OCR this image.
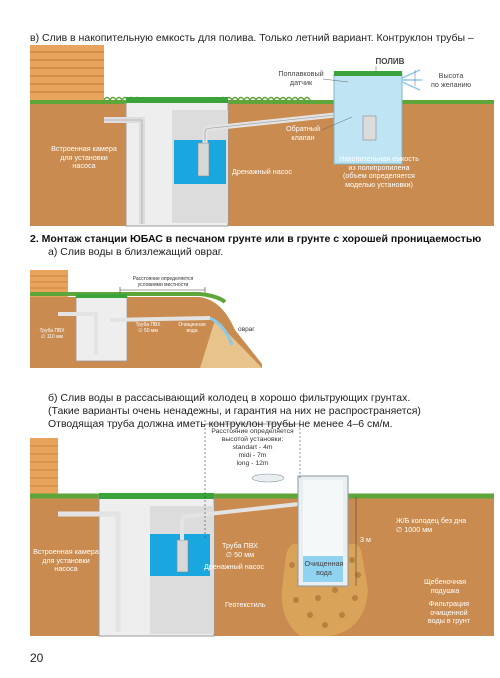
в) Слив в накопительную емкость для полива. Только летний вариант. Контруклон трубы –
ПОЛИВ
Поплавковый
датчик
Высота
по желанию
Обратный
клапан
Встроенная камера
для установки
насоса
Дренажный насос
Накопительная емкость
из полипропилена
(объем определяется
моделью установки)
2. Монтаж станции ЮБАС в песчаном грунте или в грунте с хорошей проницаемостью
а) Слив воды в близлежащий овраг.
Расстояние определяется
условиями местности
Труба ПВХ
∅ 110 мм
Труба ПВХ
∅ 50 мм
Очищенная
вода	овраг
б) Слив воды в рассасывающий колодец в хорошо фильтрующих грунтах.
(Такие варианты очень ненадежны, и гарантия на них не распространяется)
Отводящая труба должна иметь контруклон трубы не менее 4–6 см/м.
Расстояние определяется
высотой установки:
standart - 4m
midi - 7m
long - 12m
Встроенная камера
для установки
насоса
Труба ПВХ
∅ 50 мм
Дренажный насос
Ж/Б колодец без дна
∅ 1000 мм
3 м
Очищенная
вода
Щебеночная
подушка
Геотекстиль	Фильтрация
очищенной
воды в грунт
20
